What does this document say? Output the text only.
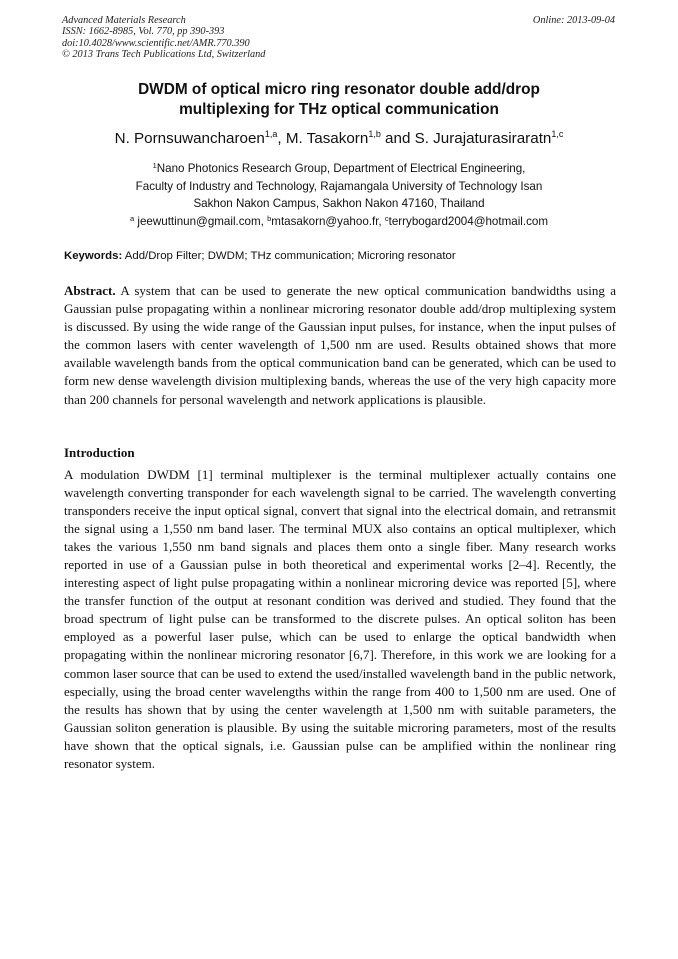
Advanced Materials Research
ISSN: 1662-8985, Vol. 770, pp 390-393
doi:10.4028/www.scientific.net/AMR.770.390
© 2013 Trans Tech Publications Ltd, Switzerland
Online: 2013-09-04
DWDM of optical micro ring resonator double add/drop
multiplexing for THz optical communication
N. Pornsuwancharoen$^{1,a}$, M. Tasakorn$^{1,b}$ and S. Jurajaturasiraratn$^{1,c}$
$^1$Nano Photonics Research Group, Department of Electrical Engineering,
Faculty of Industry and Technology, Rajamangala University of Technology Isan
Sakhon Nakon Campus, Sakhon Nakon 47160, Thailand
$^a$ jeewuttinun@gmail.com, $^b$mtasakorn@yahoo.fr, $^c$terrybogard2004@hotmail.com
Keywords: Add/Drop Filter; DWDM; THz communication; Microring resonator
Abstract. A system that can be used to generate the new optical communication bandwidths using a Gaussian pulse propagating within a nonlinear microring resonator double add/drop multiplexing system is discussed. By using the wide range of the Gaussian input pulses, for instance, when the input pulses of the common lasers with center wavelength of 1,500 nm are used. Results obtained shows that more available wavelength bands from the optical communication band can be generated, which can be used to form new dense wavelength division multiplexing bands, whereas the use of the very high capacity more than 200 channels for personal wavelength and network applications is plausible.
Introduction
A modulation DWDM [1] terminal multiplexer is the terminal multiplexer actually contains one wavelength converting transponder for each wavelength signal to be carried. The wavelength converting transponders receive the input optical signal, convert that signal into the electrical domain, and retransmit the signal using a 1,550 nm band laser. The terminal MUX also contains an optical multiplexer, which takes the various 1,550 nm band signals and places them onto a single fiber. Many research works reported in use of a Gaussian pulse in both theoretical and experimental works [2–4]. Recently, the interesting aspect of light pulse propagating within a nonlinear microring device was reported [5], where the transfer function of the output at resonant condition was derived and studied. They found that the broad spectrum of light pulse can be transformed to the discrete pulses. An optical soliton has been employed as a powerful laser pulse, which can be used to enlarge the optical bandwidth when propagating within the nonlinear microring resonator [6,7]. Therefore, in this work we are looking for a common laser source that can be used to extend the used/installed wavelength band in the public network, especially, using the broad center wavelengths within the range from 400 to 1,500 nm are used. One of the results has shown that by using the center wavelength at 1,500 nm with suitable parameters, the Gaussian soliton generation is plausible. By using the suitable microring parameters, most of the results have shown that the optical signals, i.e. Gaussian pulse can be amplified within the nonlinear ring resonator system.
